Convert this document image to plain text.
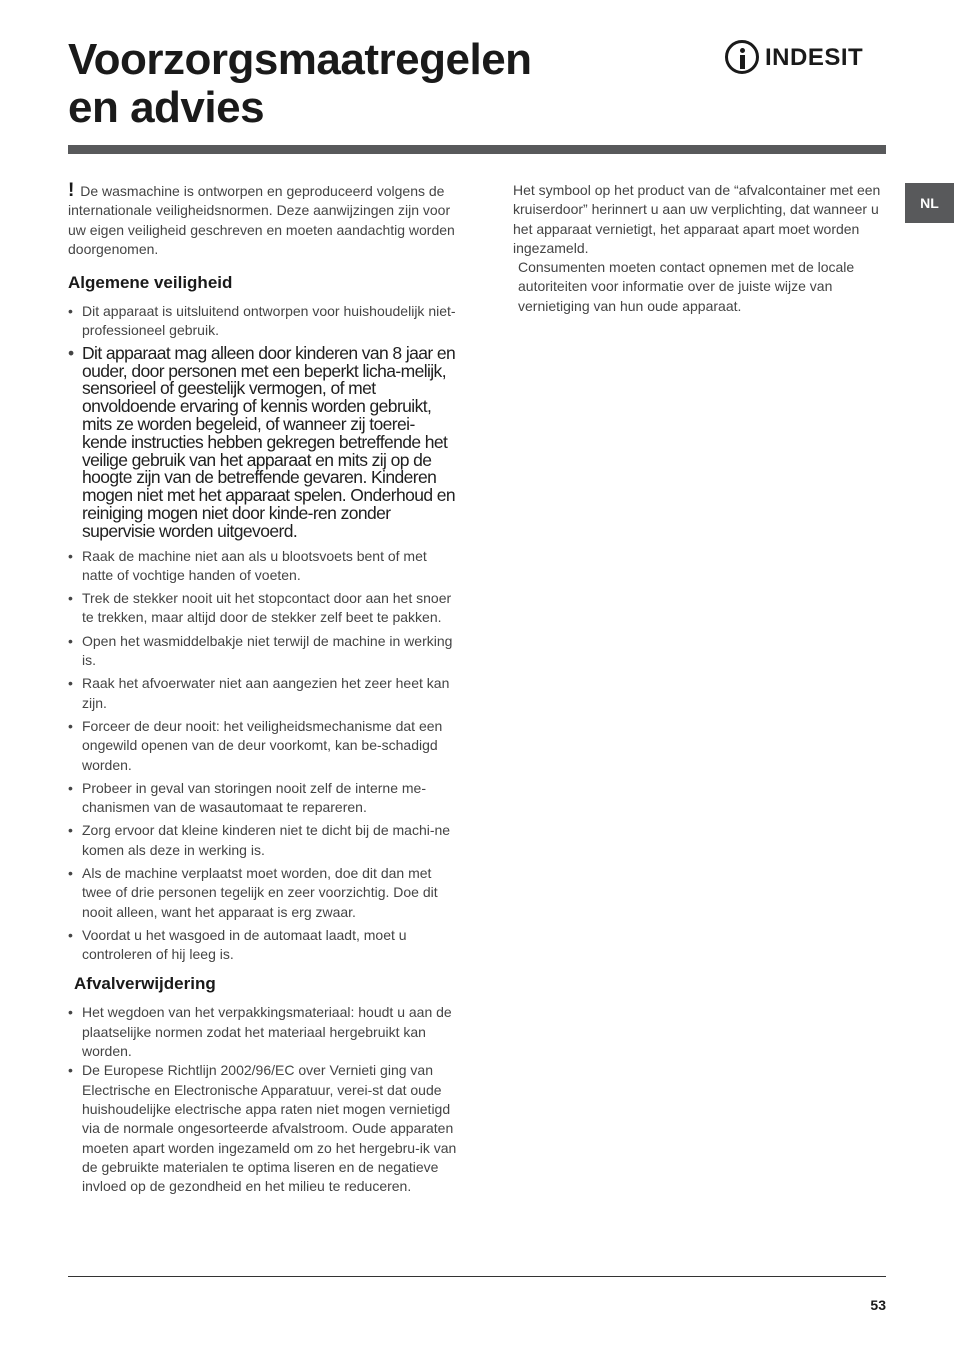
Voorzorgsmaatregelen
en advies
INDESIT
NL

! De wasmachine is ontworpen en geproduceerd volgens de internationale veiligheidsnormen. Deze aanwijzingen zijn voor uw eigen veiligheid geschreven en moeten aandachtig worden doorgenomen.

Algemene veiligheid
• Dit apparaat is uitsluitend ontworpen voor huishoudelijk niet-professioneel gebruik.
• Dit apparaat mag alleen door kinderen van 8 jaar en ouder, door personen met een beperkt licha-melijk, sensorieel of geestelijk vermogen, of met onvoldoende ervaring of kennis worden gebruikt, mits ze worden begeleid, of wanneer zij toerei-kende instructies hebben gekregen betreffende het veilige gebruik van het apparaat en mits zij op de hoogte zijn van de betreffende gevaren. Kinderen mogen niet met het apparaat spelen. Onderhoud en reiniging mogen niet door kinde-ren zonder supervisie worden uitgevoerd.
• Raak de machine niet aan als u blootsvoets bent of met natte of vochtige handen of voeten.
• Trek de stekker nooit uit het stopcontact door aan het snoer te trekken, maar altijd door de stekker zelf beet te pakken.
• Open het wasmiddelbakje niet terwijl de machine in werking is.
• Raak het afvoerwater niet aan aangezien het zeer heet kan zijn.
• Forceer de deur nooit: het veiligheidsmechanisme dat een ongewild openen van de deur voorkomt, kan be-schadigd worden.
• Probeer in geval van storingen nooit zelf de interne me-chanismen van de wasautomaat te repareren.
• Zorg ervoor dat kleine kinderen niet te dicht bij de machi-ne komen als deze in werking is.
• Als de machine verplaatst moet worden, doe dit dan met twee of drie personen tegelijk en zeer voorzichtig. Doe dit nooit alleen, want het apparaat is erg zwaar.
• Voordat u het wasgoed in de automaat laadt, moet u controleren of hij leeg is.
Afvalverwijdering
• Het wegdoen van het verpakkingsmateriaal: houdt u aan de plaatselijke normen zodat het materiaal hergebruikt kan worden.
• De Europese Richtlijn 2002/96/EC over Vernieti ging van Electrische en Electronische Apparatuur, verei-st dat oude huishoudelijke electrische appa raten niet mogen vernietigd via de normale ongesorteerde afvalstroom. Oude apparaten moeten apart worden ingezameld om zo het hergebru-ik van de gebruikte materialen te optima liseren en de negatieve invloed op de gezondheid en het milieu te reduceren.

Het symbool op het product van de “afvalcontainer met een kruiserdoor” herinnert u aan uw verplichting, dat wanneer u het apparaat vernietigt, het apparaat apart moet worden ingezameld.

Consumenten moeten contact opnemen met de locale autoriteiten voor informatie over de juiste wijze van vernietiging van hun oude apparaat.

53
